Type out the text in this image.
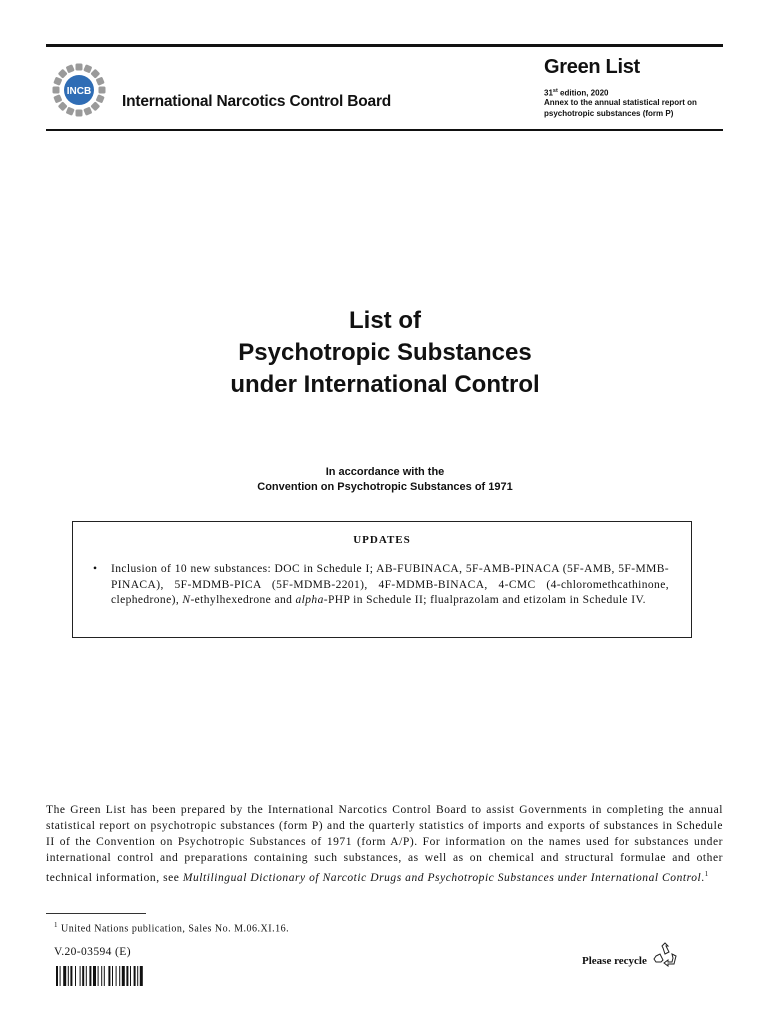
INCB
International Narcotics Control Board
Green List
31st edition, 2020
Annex to the annual statistical report on psychotropic substances (form P)
List of
Psychotropic Substances
under International Control
In accordance with the
Convention on Psychotropic Substances of 1971
UPDATES
• Inclusion of 10 new substances: DOC in Schedule I; AB-FUBINACA, 5F-AMB-PINACA (5F-AMB, 5F-MMB-PINACA), 5F-MDMB-PICA (5F-MDMB-2201), 4F-MDMB-BINACA, 4-CMC (4-chloromethcathinone, clephedrone), N-ethylhexedrone and alpha-PHP in Schedule II; flualprazolam and etizolam in Schedule IV.
The Green List has been prepared by the International Narcotics Control Board to assist Governments in completing the annual statistical report on psychotropic substances (form P) and the quarterly statistics of imports and exports of substances in Schedule II of the Convention on Psychotropic Substances of 1971 (form A/P). For information on the names used for substances under international control and preparations containing such substances, as well as on chemical and structural formulae and other technical information, see Multilingual Dictionary of Narcotic Drugs and Psychotropic Substances under International Control.$^1$
$^1$ United Nations publication, Sales No. M.06.XI.16.
V.20-03594 (E)
Please recycle
